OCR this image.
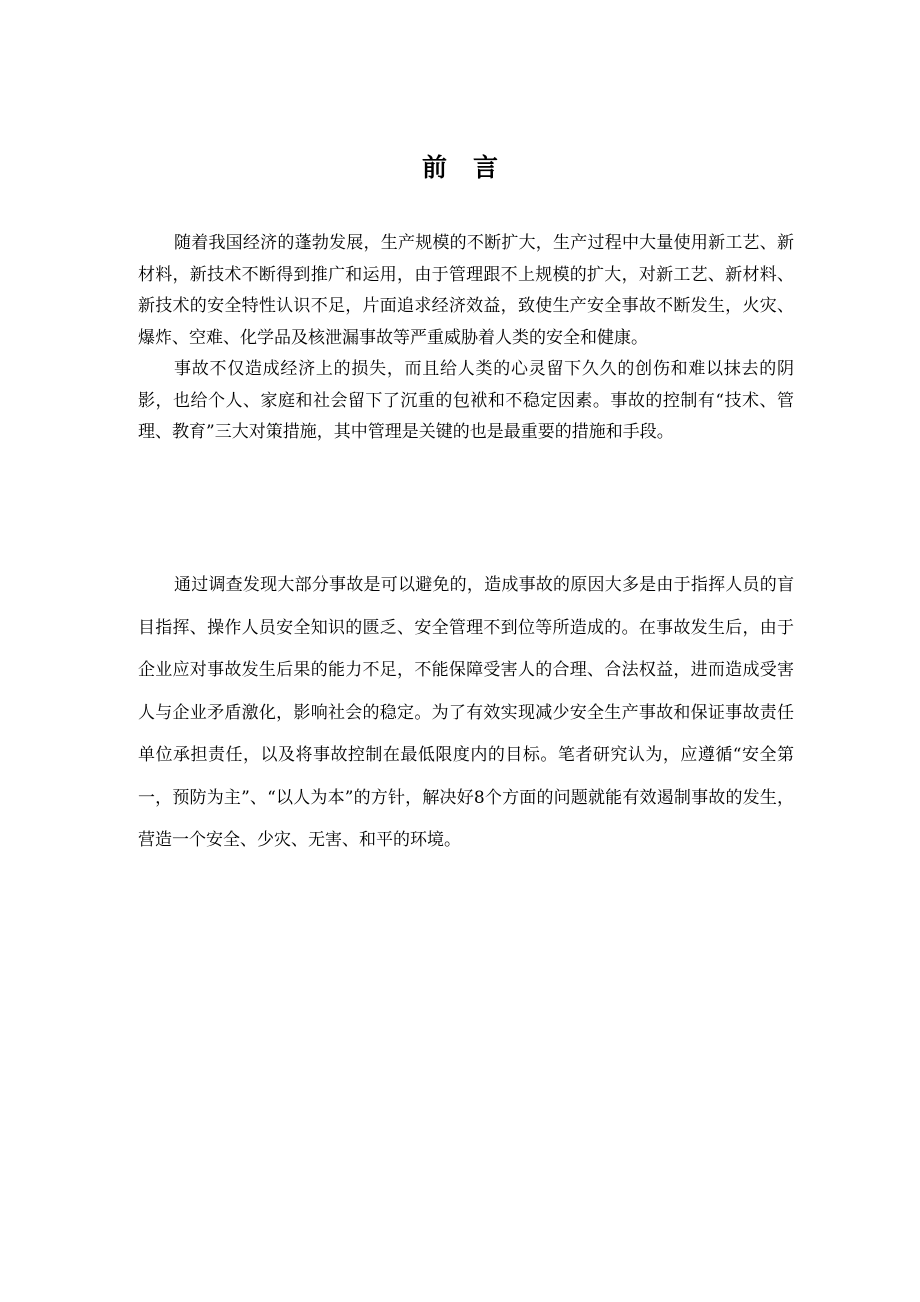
前言

随着我国经济的蓬勃发展，生产规模的不断扩大，生产过程中大量使用新工艺、新材料，新技术不断得到推广和运用，由于管理跟不上规模的扩大，对新工艺、新材料、新技术的安全特性认识不足，片面追求经济效益，致使生产安全事故不断发生，火灾、爆炸、空难、化学品及核泄漏事故等严重威胁着人类的安全和健康。

事故不仅造成经济上的损失，而且给人类的心灵留下久久的创伤和难以抹去的阴影，也给个人、家庭和社会留下了沉重的包袱和不稳定因素。事故的控制有“技术、管理、教育”三大对策措施，其中管理是关键的也是最重要的措施和手段。

通过调查发现大部分事故是可以避免的，造成事故的原因大多是由于指挥人员的盲目指挥、操作人员安全知识的匮乏、安全管理不到位等所造成的。在事故发生后，由于企业应对事故发生后果的能力不足，不能保障受害人的合理、合法权益，进而造成受害人与企业矛盾激化，影响社会的稳定。为了有效实现减少安全生产事故和保证事故责任单位承担责任，以及将事故控制在最低限度内的目标。笔者研究认为，应遵循“安全第一，预防为主”、“以人为本”的方针，解决好8个方面的问题就能有效遏制事故的发生，营造一个安全、少灾、无害、和平的环境。
